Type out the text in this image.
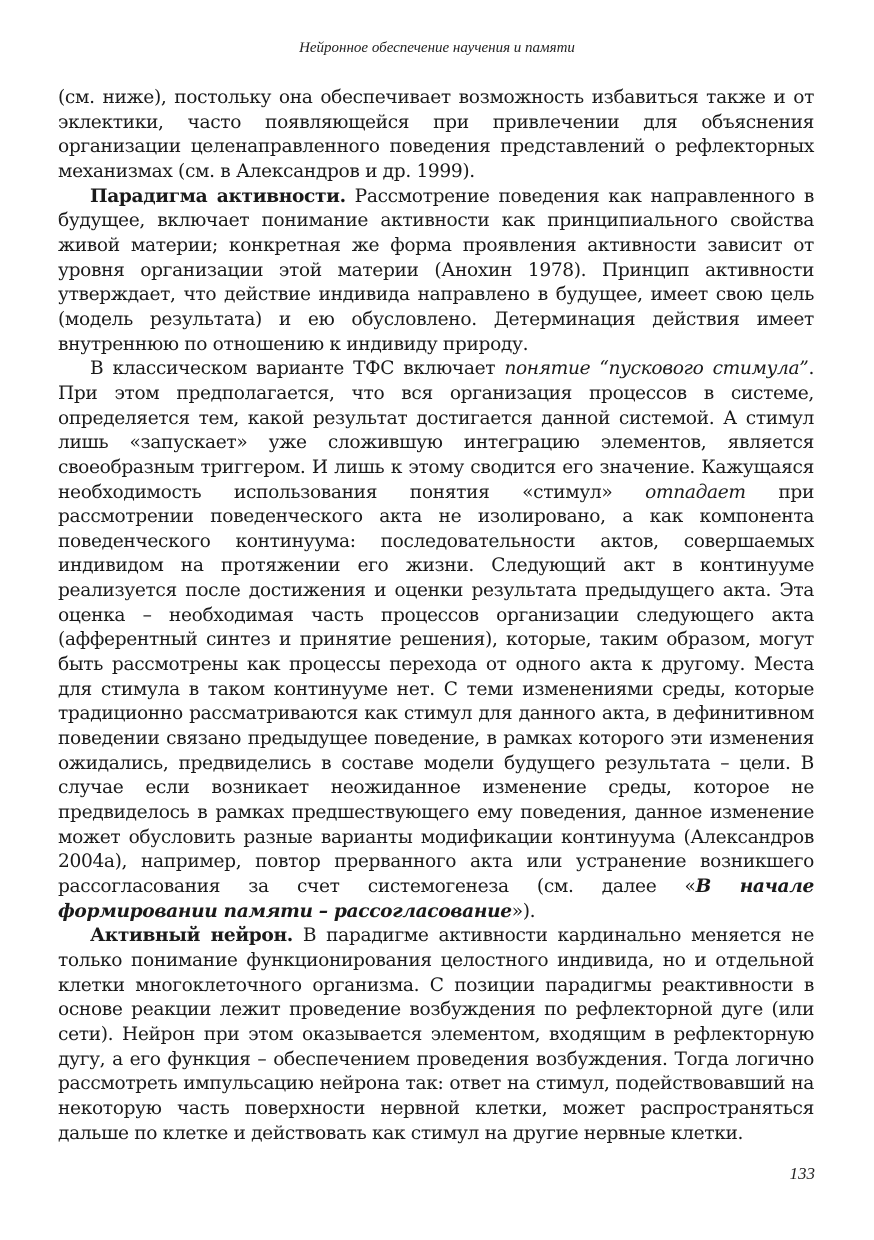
Нейронное обеспечение научения и памяти

(см. ниже), постольку она обеспечивает возможность избавиться также и от эклектики, часто появляющейся при привлечении для объяснения организации целенаправленного поведения представлений о рефлекторных механизмах (см. в Александров и др. 1999).

Парадигма активности. Рассмотрение поведения как направленного в будущее, включает понимание активности как принципиального свойства живой материи; конкретная же форма проявления активности зависит от уровня организации этой материи (Анохин 1978). Принцип активности утверждает, что действие индивида направлено в будущее, имеет свою цель (модель результата) и ею обусловлено. Детерминация действия имеет внутреннюю по отношению к индивиду природу.

В классическом варианте ТФС включает понятие “пускового стимула”. При этом предполагается, что вся организация процессов в системе, определяется тем, какой результат достигается данной системой. А стимул лишь «запускает» уже сложившую интеграцию элементов, является своеобразным триггером. И лишь к этому сводится его значение. Кажущаяся необходимость использования понятия «стимул» отпадает при рассмотрении поведенческого акта не изолировано, а как компонента поведенческого континуума: последовательности актов, совершаемых индивидом на протяжении его жизни. Следующий акт в континууме реализуется после достижения и оценки результата предыдущего акта. Эта оценка – необходимая часть процессов организации следующего акта (афферентный синтез и принятие решения), которые, таким образом, могут быть рассмотрены как процессы перехода от одного акта к другому. Места для стимула в таком континууме нет. С теми изменениями среды, которые традиционно рассматриваются как стимул для данного акта, в дефинитивном поведении связано предыдущее поведение, в рамках которого эти изменения ожидались, предвиделись в составе модели будущего результата – цели. В случае если возникает неожиданное изменение среды, которое не предвиделось в рамках предшествующего ему поведения, данное изменение может обусловить разные варианты модификации континуума (Александров 2004а), например, повтор прерванного акта или устранение возникшего рассогласования за счет системогенеза (см. далее «В начале формировании памяти – рассогласование»).

Активный нейрон. В парадигме активности кардинально меняется не только понимание функционирования целостного индивида, но и отдельной клетки многоклеточного организма. С позиции парадигмы реактивности в основе реакции лежит проведение возбуждения по рефлекторной дуге (или сети). Нейрон при этом оказывается элементом, входящим в рефлекторную дугу, а его функция – обеспечением проведения возбуждения. Тогда логично рассмотреть импульсацию нейрона так: ответ на стимул, подействовавший на некоторую часть поверхности нервной клетки, может распространяться дальше по клетке и действовать как стимул на другие нервные клетки.

133
